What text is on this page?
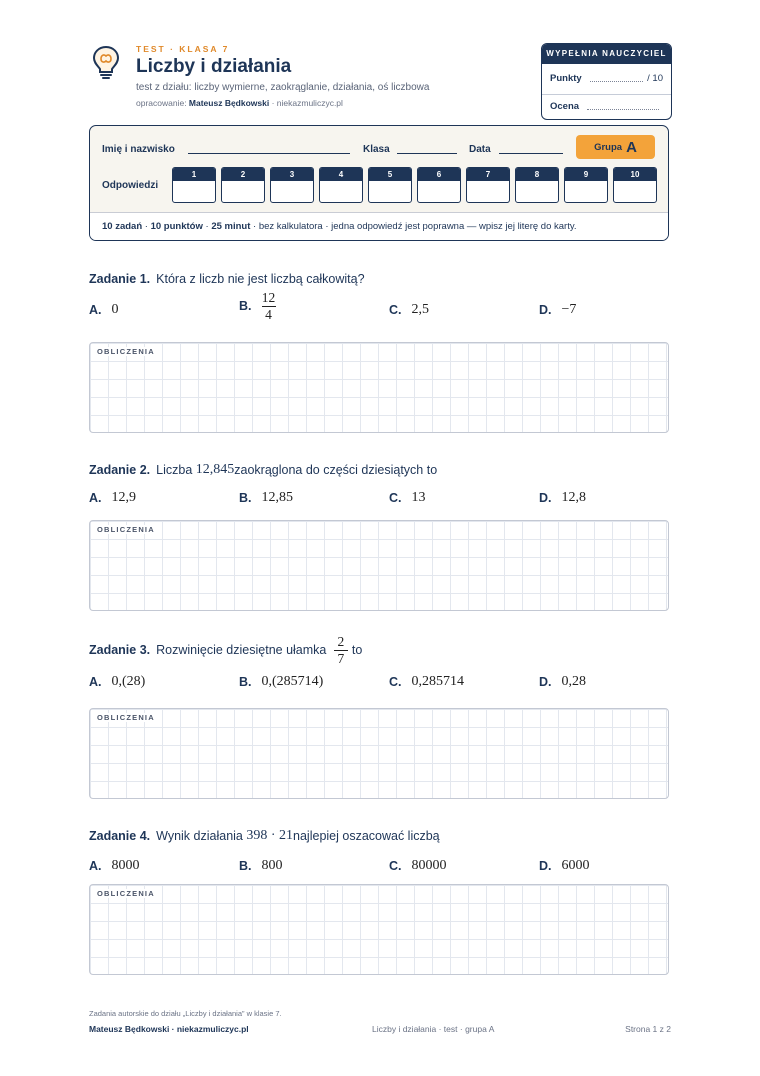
TEST · KLASA 7
Liczby i działania
test z działu: liczby wymierne, zaokrąglanie, działania, oś liczbowa
opracowanie: Mateusz Będkowski · niekazmuliczyc.pl
WYPEŁNIA NAUCZYCIEL
Punkty	/ 10
Ocena
Imię i nazwisko	Klasa	Data	Grupa A
Odpowiedzi
1	2	3	4	5	6	7	8	9	10
10 zadań · 10 punktów · 25 minut · bez kalkulatora · jedna odpowiedź jest poprawna — wpisz jej literę do karty.
Zadanie 1. Która z liczb nie jest liczbą całkowitą?
A. 0	B. $\frac{12}{4}$	C. 2,5	D. −7
OBLICZENIA
Zadanie 2. Liczba
12,845 zaokrąglona do części dziesiątych to
A. 12,9	B. 12,85	C. 13	D. 12,8
OBLICZENIA
Zadanie 3. Rozwinięcie dziesiętne ułamka
$\frac{2}{7}$ to
A. 0,(28)	B. 0,(285714)	C. 0,285714	D. 0,28
OBLICZENIA
Zadanie 4. Wynik działania
398 · 21 najlepiej oszacować liczbą
A. 8000	B. 800	C. 80000	D. 6000
OBLICZENIA
Zadania autorskie do działu „Liczby i działania” w klasie 7.
Mateusz Będkowski · niekazmuliczyc.pl	Liczby i działania · test · grupa A	Strona 1 z 2
